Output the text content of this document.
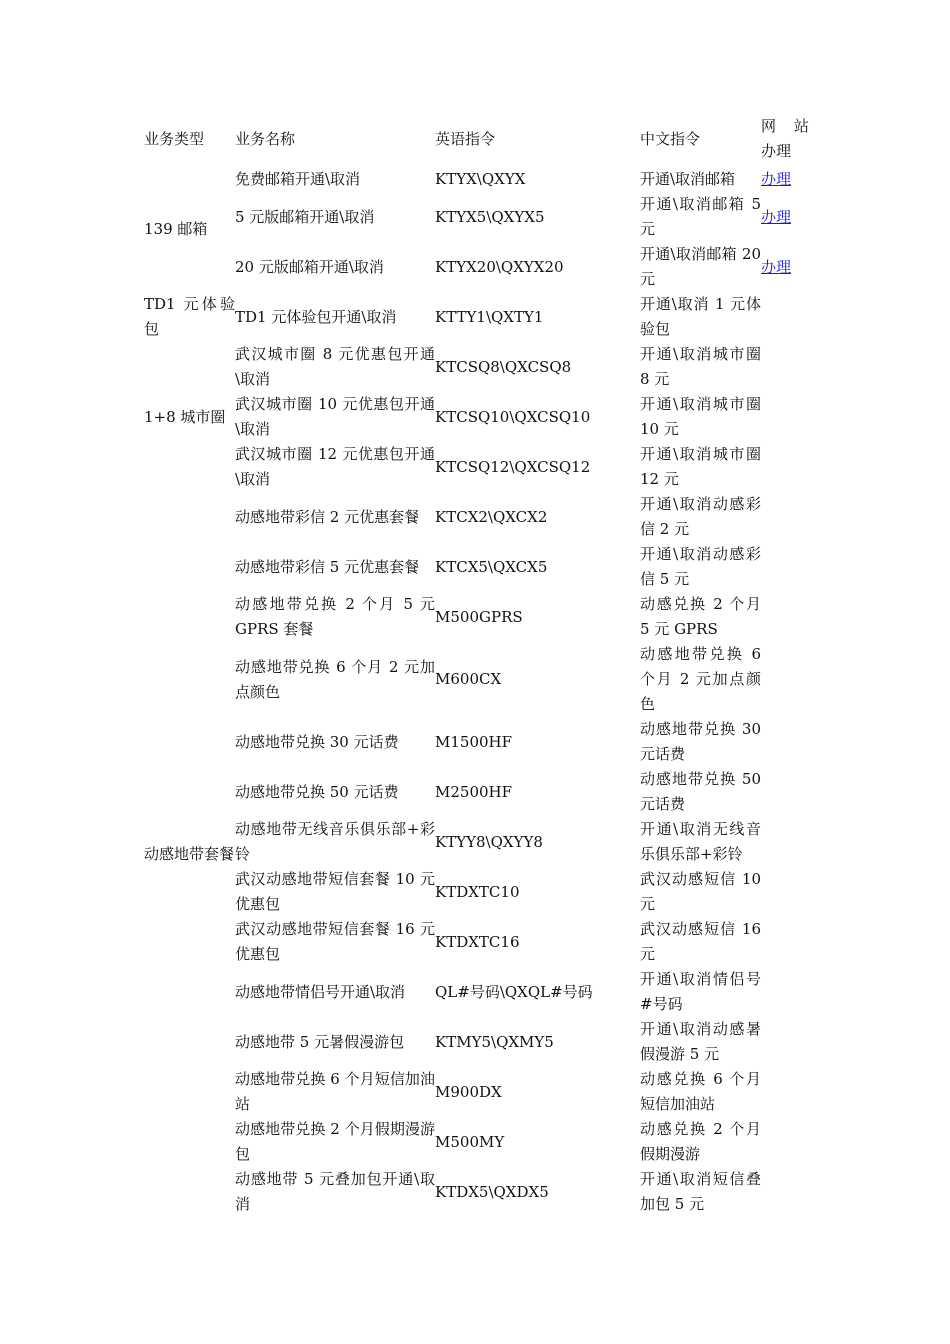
业务类型	业务名称	英语指令	中文指令	网 站 办理
139 邮箱	免费邮箱开通\取消	KTYX\QXYX	开通\取消邮箱	办理
	5 元版邮箱开通\取消	KTYX5\QXYX5	开通\取消邮箱 5 元	办理
	20 元版邮箱开通\取消	KTYX20\QXYX20	开通\取消邮箱 20 元	办理
TD1 元体验包	TD1 元体验包开通\取消	KTTY1\QXTY1	开通\取消 1 元体验包	
1+8 城市圈	武汉城市圈 8 元优惠包开通\取消	KTCSQ8\QXCSQ8	开通\取消城市圈 8 元	
	武汉城市圈 10 元优惠包开通\取消	KTCSQ10\QXCSQ10	开通\取消城市圈 10 元	
	武汉城市圈 12 元优惠包开通\取消	KTCSQ12\QXCSQ12	开通\取消城市圈 12 元	
动感地带套餐	动感地带彩信 2 元优惠套餐	KTCX2\QXCX2	开通\取消动感彩信 2 元	
	动感地带彩信 5 元优惠套餐	KTCX5\QXCX5	开通\取消动感彩信 5 元	
	动感地带兑换 2 个月 5 元 GPRS 套餐	M500GPRS	动感兑换 2 个月 5 元 GPRS	
	动感地带兑换 6 个月 2 元加点颜色	M600CX	动感地带兑换 6 个月 2 元加点颜色	
	动感地带兑换 30 元话费	M1500HF	动感地带兑换 30 元话费	
	动感地带兑换 50 元话费	M2500HF	动感地带兑换 50 元话费	
	动感地带无线音乐俱乐部+彩铃	KTYY8\QXYY8	开通\取消无线音乐俱乐部+彩铃	
	武汉动感地带短信套餐 10 元优惠包	KTDXTC10	武汉动感短信 10 元	
	武汉动感地带短信套餐 16 元优惠包	KTDXTC16	武汉动感短信 16 元	
	动感地带情侣号开通\取消	QL#号码\QXQL#号码	开通\取消情侣号#号码	
	动感地带 5 元暑假漫游包	KTMY5\QXMY5	开通\取消动感暑假漫游 5 元	
	动感地带兑换 6 个月短信加油站	M900DX	动感兑换 6 个月短信加油站	
	动感地带兑换 2 个月假期漫游包	M500MY	动感兑换 2 个月假期漫游	
	动感地带 5 元叠加包开通\取消	KTDX5\QXDX5	开通\取消短信叠加包 5 元	
